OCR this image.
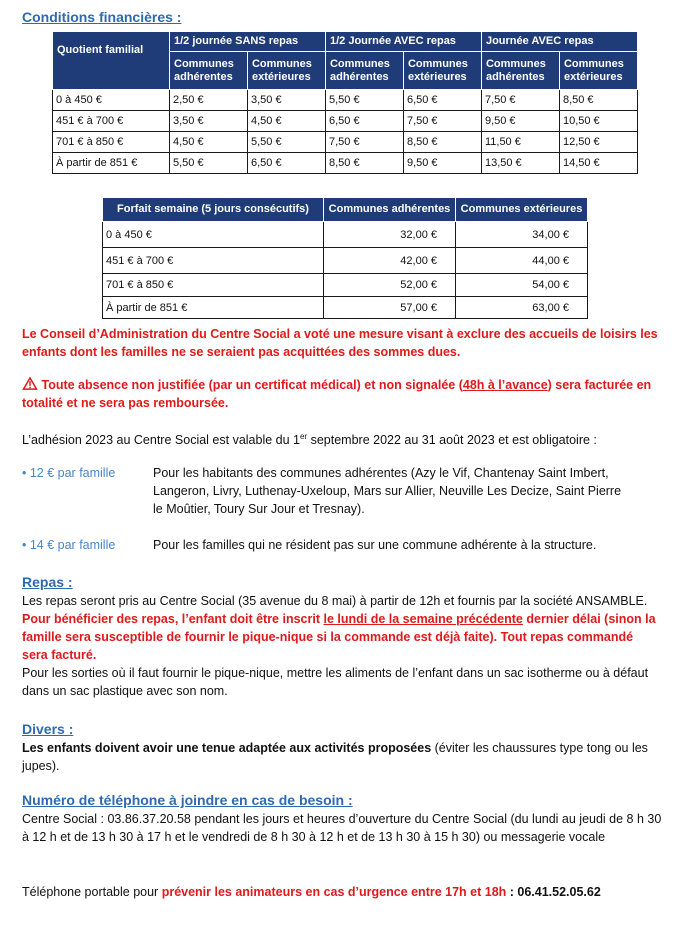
Conditions financières :
Quotient familial	1/2 journée SANS repas		1/2 Journée AVEC repas		Journée AVEC repas	
	Communes adhérentes	Communes extérieures	Communes adhérentes	Communes extérieures	Communes adhérentes	Communes extérieures
0 à 450 €	2,50 €	3,50 €	5,50 €	6,50 €	7,50 €	8,50 €
451 € à 700 €	3,50 €	4,50 €	6,50 €	7,50 €	9,50 €	10,50 €
701 € à 850 €	4,50 €	5,50 €	7,50 €	8,50 €	11,50 €	12,50 €
À partir de 851 €	5,50 €	6,50 €	8,50 €	9,50 €	13,50 €	14,50 €
Forfait semaine (5 jours consécutifs)	Communes adhérentes	Communes extérieures
0 à 450 €	32,00 €	34,00 €
451 € à 700 €	42,00 €	44,00 €
701 € à 850 €	52,00 €	54,00 €
À partir de 851 €	57,00 €	63,00 €
Le Conseil d’Administration du Centre Social a voté une mesure visant à exclure des accueils de loisirs les enfants dont les familles ne se seraient pas acquittées des sommes dues.
Toute absence non justifiée (par un certificat médical) et non signalée (48h à l’avance) sera facturée en totalité et ne sera pas remboursée.
L’adhésion 2023 au Centre Social est valable du 1er septembre 2022 au 31 août 2023 et est obligatoire :
• 12 € par famille	Pour les habitants des communes adhérentes (Azy le Vif, Chantenay Saint Imbert, Langeron, Livry, Luthenay-Uxeloup, Mars sur Allier, Neuville Les Decize, Saint Pierre le Moûtier, Toury Sur Jour et Tresnay).
• 14 € par famille	Pour les familles qui ne résident pas sur une commune adhérente à la structure.
Repas :
Les repas seront pris au Centre Social (35 avenue du 8 mai) à partir de 12h et fournis par la société ANSAMBLE.
Pour bénéficier des repas, l’enfant doit être inscrit le lundi de la semaine précédente dernier délai (sinon la famille sera susceptible de fournir le pique-nique si la commande est déjà faite). Tout repas commandé sera facturé.
Pour les sorties où il faut fournir le pique-nique, mettre les aliments de l’enfant dans un sac isotherme ou à défaut dans un sac plastique avec son nom.
Divers :
Les enfants doivent avoir une tenue adaptée aux activités proposées (éviter les chaussures type tong ou les jupes).
Numéro de téléphone à joindre en cas de besoin :
Centre Social : 03.86.37.20.58 pendant les jours et heures d’ouverture du Centre Social (du lundi au jeudi de 8 h 30 à 12 h et de 13 h 30 à 17 h et le vendredi de 8 h 30 à 12 h et de 13 h 30 à 15 h 30) ou messagerie vocale
Téléphone portable pour prévenir les animateurs en cas d’urgence entre 17h et 18h : 06.41.52.05.62
